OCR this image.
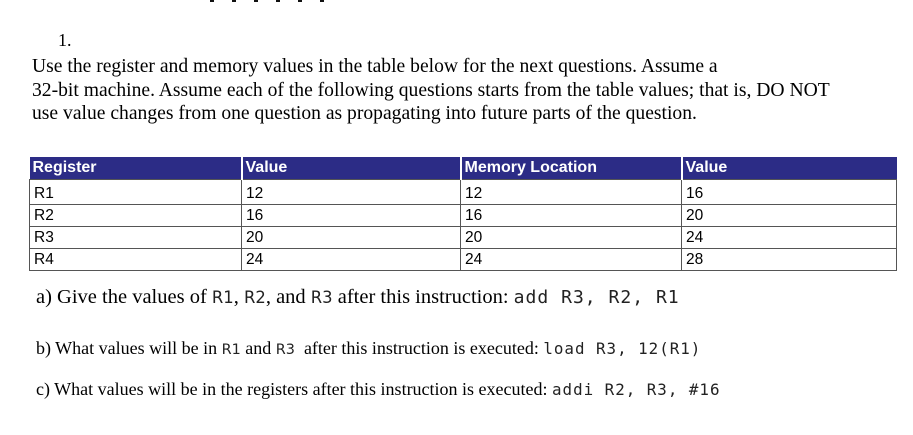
1.
Use the register and memory values in the table below for the next questions. Assume a
32-bit machine. Assume each of the following questions starts from the table values; that is, DO NOT
use value changes from one question as propagating into future parts of the question.
Register	Value	Memory Location	Value
R1	12	12	16
R2	16	16	20
R3	20	20	24
R4	24	24	28
a) Give the values of R1, R2, and R3 after this instruction: add R3, R2, R1
b) What values will be in R1 and R3  after this instruction is executed: load R3, 12(R1)
c) What values will be in the registers after this instruction is executed: addi R2, R3, #16
